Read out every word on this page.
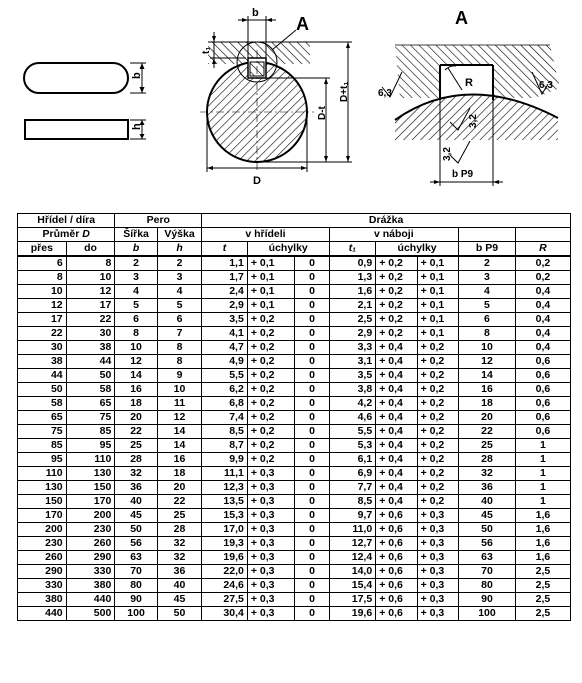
b
h
A
b
t₁
D-t
D+t₁
D
A
R
6,3
6,3
3,2
3,2
b P9
Hřídel / díra		Pero		Drážka							
Průměr D		Šířka	Výška	v hřídeli			v náboji				
přes	do	b	h	t	úchylky		t₁	úchylky		b P9	R
6	8	2	2	1,1	+ 0,1	0	0,9	+ 0,2	+ 0,1	2	0,2
8	10	3	3	1,7	+ 0,1	0	1,3	+ 0,2	+ 0,1	3	0,2
10	12	4	4	2,4	+ 0,1	0	1,6	+ 0,2	+ 0,1	4	0,4
12	17	5	5	2,9	+ 0,1	0	2,1	+ 0,2	+ 0,1	5	0,4
17	22	6	6	3,5	+ 0,2	0	2,5	+ 0,2	+ 0,1	6	0,4
22	30	8	7	4,1	+ 0,2	0	2,9	+ 0,2	+ 0,1	8	0,4
30	38	10	8	4,7	+ 0,2	0	3,3	+ 0,4	+ 0,2	10	0,4
38	44	12	8	4,9	+ 0,2	0	3,1	+ 0,4	+ 0,2	12	0,6
44	50	14	9	5,5	+ 0,2	0	3,5	+ 0,4	+ 0,2	14	0,6
50	58	16	10	6,2	+ 0,2	0	3,8	+ 0,4	+ 0,2	16	0,6
58	65	18	11	6,8	+ 0,2	0	4,2	+ 0,4	+ 0,2	18	0,6
65	75	20	12	7,4	+ 0,2	0	4,6	+ 0,4	+ 0,2	20	0,6
75	85	22	14	8,5	+ 0,2	0	5,5	+ 0,4	+ 0,2	22	0,6
85	95	25	14	8,7	+ 0,2	0	5,3	+ 0,4	+ 0,2	25	1
95	110	28	16	9,9	+ 0,2	0	6,1	+ 0,4	+ 0,2	28	1
110	130	32	18	11,1	+ 0,3	0	6,9	+ 0,4	+ 0,2	32	1
130	150	36	20	12,3	+ 0,3	0	7,7	+ 0,4	+ 0,2	36	1
150	170	40	22	13,5	+ 0,3	0	8,5	+ 0,4	+ 0,2	40	1
170	200	45	25	15,3	+ 0,3	0	9,7	+ 0,6	+ 0,3	45	1,6
200	230	50	28	17,0	+ 0,3	0	11,0	+ 0,6	+ 0,3	50	1,6
230	260	56	32	19,3	+ 0,3	0	12,7	+ 0,6	+ 0,3	56	1,6
260	290	63	32	19,6	+ 0,3	0	12,4	+ 0,6	+ 0,3	63	1,6
290	330	70	36	22,0	+ 0,3	0	14,0	+ 0,6	+ 0,3	70	2,5
330	380	80	40	24,6	+ 0,3	0	15,4	+ 0,6	+ 0,3	80	2,5
380	440	90	45	27,5	+ 0,3	0	17,5	+ 0,6	+ 0,3	90	2,5
440	500	100	50	30,4	+ 0,3	0	19,6	+ 0,6	+ 0,3	100	2,5
